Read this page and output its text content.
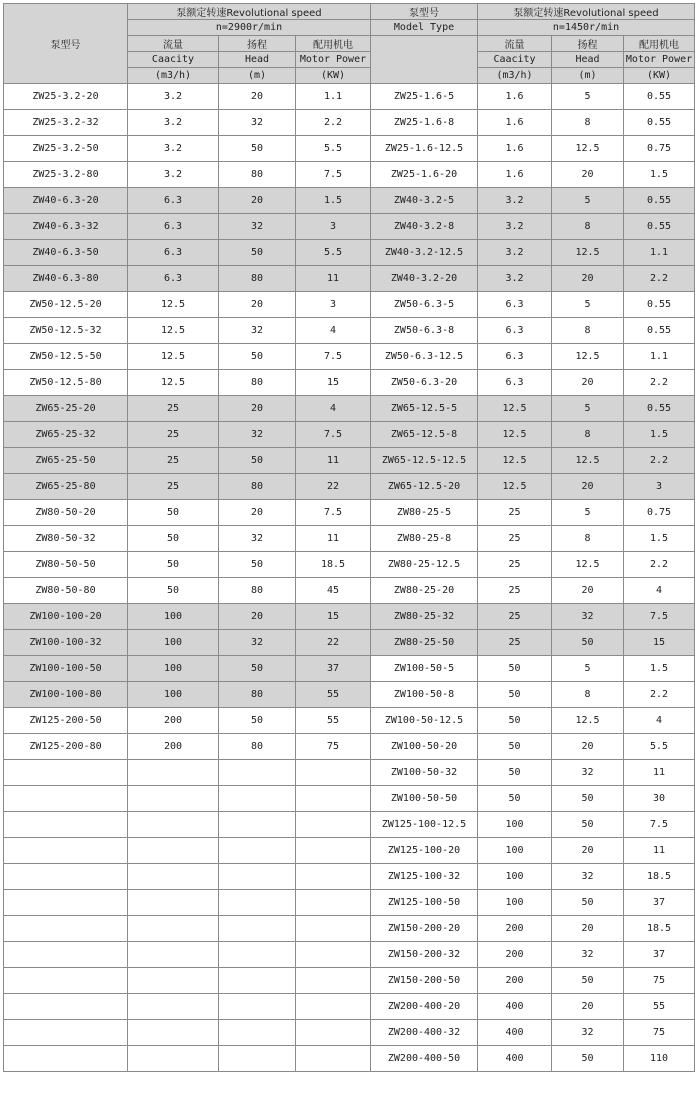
泵型号	泵额定转速Revolutional speed			泵型号	泵额定转速Revolutional speed		
	n=2900r/min			Model Type	n=1450r/min		
	流量	扬程	配用机电		流量	扬程	配用机电
	Caacity	Head	Motor Power		Caacity	Head	Motor Power
	(m3/h)	(m)	(KW)		(m3/h)	(m)	(KW)
ZW25-3.2-20	3.2	20	1.1	ZW25-1.6-5	1.6	5	0.55
ZW25-3.2-32	3.2	32	2.2	ZW25-1.6-8	1.6	8	0.55
ZW25-3.2-50	3.2	50	5.5	ZW25-1.6-12.5	1.6	12.5	0.75
ZW25-3.2-80	3.2	80	7.5	ZW25-1.6-20	1.6	20	1.5
ZW40-6.3-20	6.3	20	1.5	ZW40-3.2-5	3.2	5	0.55
ZW40-6.3-32	6.3	32	3	ZW40-3.2-8	3.2	8	0.55
ZW40-6.3-50	6.3	50	5.5	ZW40-3.2-12.5	3.2	12.5	1.1
ZW40-6.3-80	6.3	80	11	ZW40-3.2-20	3.2	20	2.2
ZW50-12.5-20	12.5	20	3	ZW50-6.3-5	6.3	5	0.55
ZW50-12.5-32	12.5	32	4	ZW50-6.3-8	6.3	8	0.55
ZW50-12.5-50	12.5	50	7.5	ZW50-6.3-12.5	6.3	12.5	1.1
ZW50-12.5-80	12.5	80	15	ZW50-6.3-20	6.3	20	2.2
ZW65-25-20	25	20	4	ZW65-12.5-5	12.5	5	0.55
ZW65-25-32	25	32	7.5	ZW65-12.5-8	12.5	8	1.5
ZW65-25-50	25	50	11	ZW65-12.5-12.5	12.5	12.5	2.2
ZW65-25-80	25	80	22	ZW65-12.5-20	12.5	20	3
ZW80-50-20	50	20	7.5	ZW80-25-5	25	5	0.75
ZW80-50-32	50	32	11	ZW80-25-8	25	8	1.5
ZW80-50-50	50	50	18.5	ZW80-25-12.5	25	12.5	2.2
ZW80-50-80	50	80	45	ZW80-25-20	25	20	4
ZW100-100-20	100	20	15	ZW80-25-32	25	32	7.5
ZW100-100-32	100	32	22	ZW80-25-50	25	50	15
ZW100-100-50	100	50	37	ZW100-50-5	50	5	1.5
ZW100-100-80	100	80	55	ZW100-50-8	50	8	2.2
ZW125-200-50	200	50	55	ZW100-50-12.5	50	12.5	4
ZW125-200-80	200	80	75	ZW100-50-20	50	20	5.5
				ZW100-50-32	50	32	11
				ZW100-50-50	50	50	30
				ZW125-100-12.5	100	50	7.5
				ZW125-100-20	100	20	11
				ZW125-100-32	100	32	18.5
				ZW125-100-50	100	50	37
				ZW150-200-20	200	20	18.5
				ZW150-200-32	200	32	37
				ZW150-200-50	200	50	75
				ZW200-400-20	400	20	55
				ZW200-400-32	400	32	75
				ZW200-400-50	400	50	110
